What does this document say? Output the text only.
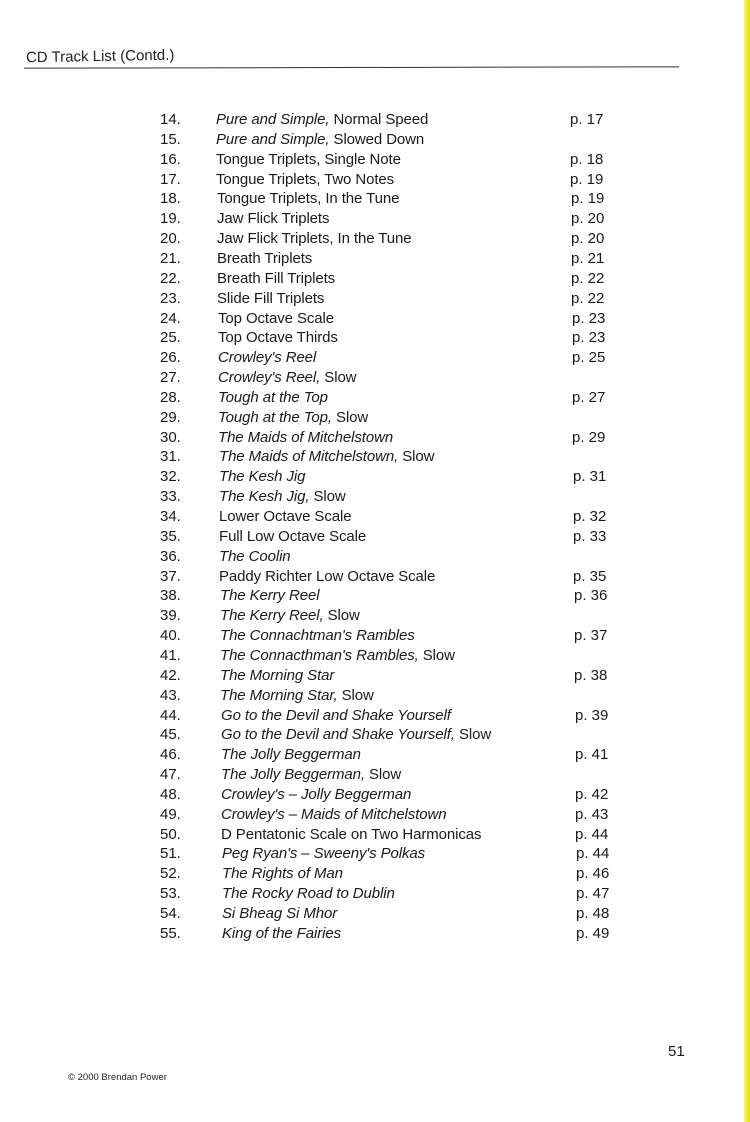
CD Track List (Contd.)
14.	Pure and Simple, Normal Speed	p. 17
15.	Pure and Simple, Slowed Down
16.	Tongue Triplets, Single Note	p. 18
17.	Tongue Triplets, Two Notes	p. 19
18.	Tongue Triplets, In the Tune	p. 19
19.	Jaw Flick Triplets	p. 20
20.	Jaw Flick Triplets, In the Tune	p. 20
21.	Breath Triplets	p. 21
22.	Breath Fill Triplets	p. 22
23.	Slide Fill Triplets	p. 22
24.	Top Octave Scale	p. 23
25.	Top Octave Thirds	p. 23
26.	Crowley's Reel	p. 25
27.	Crowley's Reel, Slow
28.	Tough at the Top	p. 27
29.	Tough at the Top, Slow
30.	The Maids of Mitchelstown	p. 29
31.	The Maids of Mitchelstown, Slow
32.	The Kesh Jig	p. 31
33.	The Kesh Jig, Slow
34.	Lower Octave Scale	p. 32
35.	Full Low Octave Scale	p. 33
36.	The Coolin
37.	Paddy Richter Low Octave Scale	p. 35
38.	The Kerry Reel	p. 36
39.	The Kerry Reel, Slow
40.	The Connachtman's Rambles	p. 37
41.	The Connacthman's Rambles, Slow
42.	The Morning Star	p. 38
43.	The Morning Star, Slow
44.	Go to the Devil and Shake Yourself	p. 39
45.	Go to the Devil and Shake Yourself, Slow
46.	The Jolly Beggerman	p. 41
47.	The Jolly Beggerman, Slow
48.	Crowley's – Jolly Beggerman	p. 42
49.	Crowley's – Maids of Mitchelstown	p. 43
50.	D Pentatonic Scale on Two Harmonicas	p. 44
51.	Peg Ryan's – Sweeny's Polkas	p. 44
52.	The Rights of Man	p. 46
53.	The Rocky Road to Dublin	p. 47
54.	Si Bheag Si Mhor	p. 48
55.	King of the Fairies	p. 49
51
© 2000 Brendan Power
